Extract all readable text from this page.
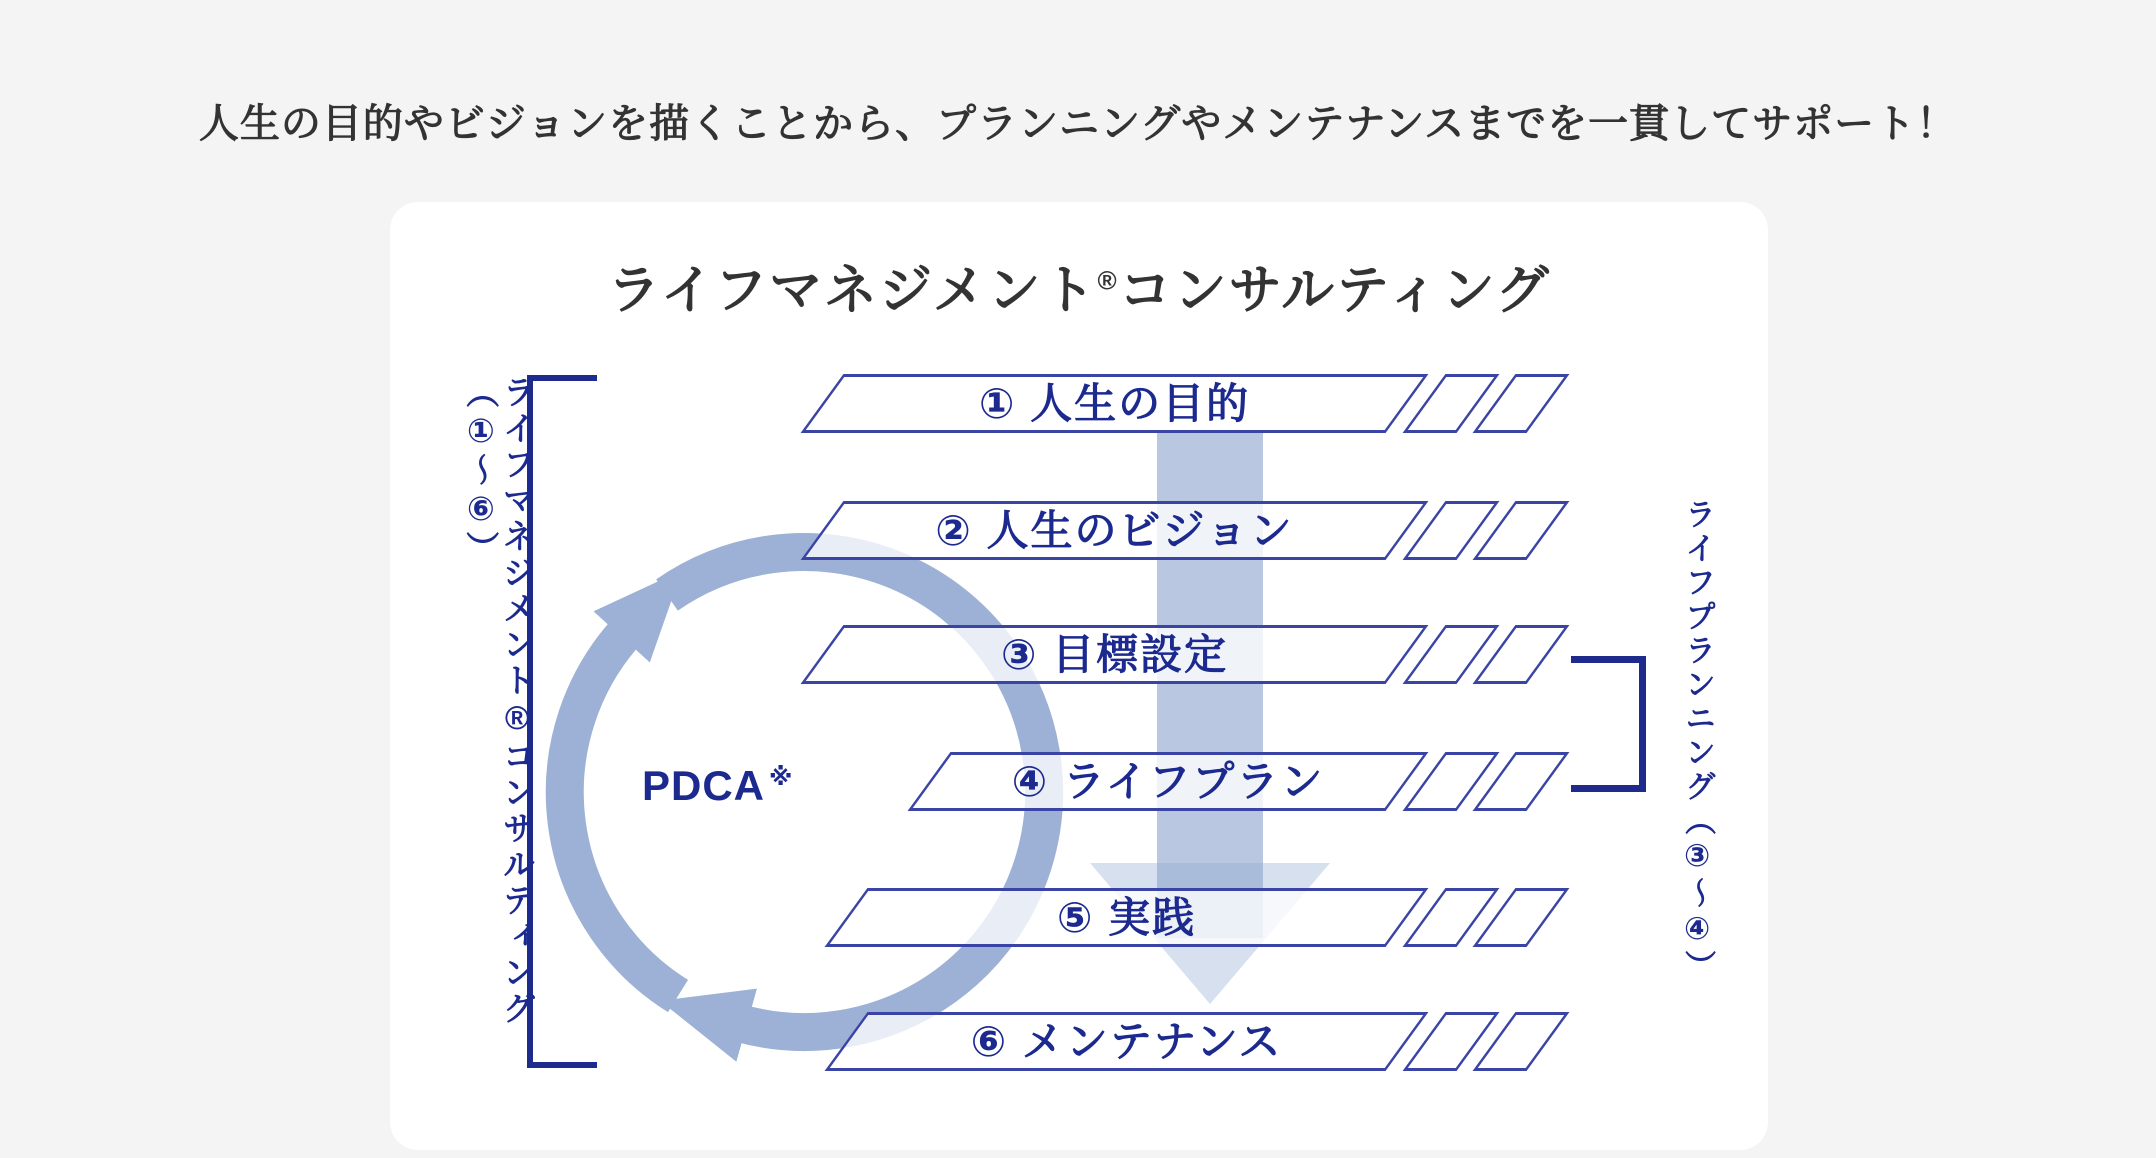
人生の目的やビジョンを描くことから、プランニングやメンテナンスまでを一貫してサポート！
ライフマネジメント®コンサルティング（①〜⑥）
ライフプランニング（③〜④）
PDCA ※
① 人生の目的
② 人生のビジョン
③ 目標設定
④ ライフプラン
⑤ 実践
⑥ メンテナンス
ライフマネジメント®コンサルティング
